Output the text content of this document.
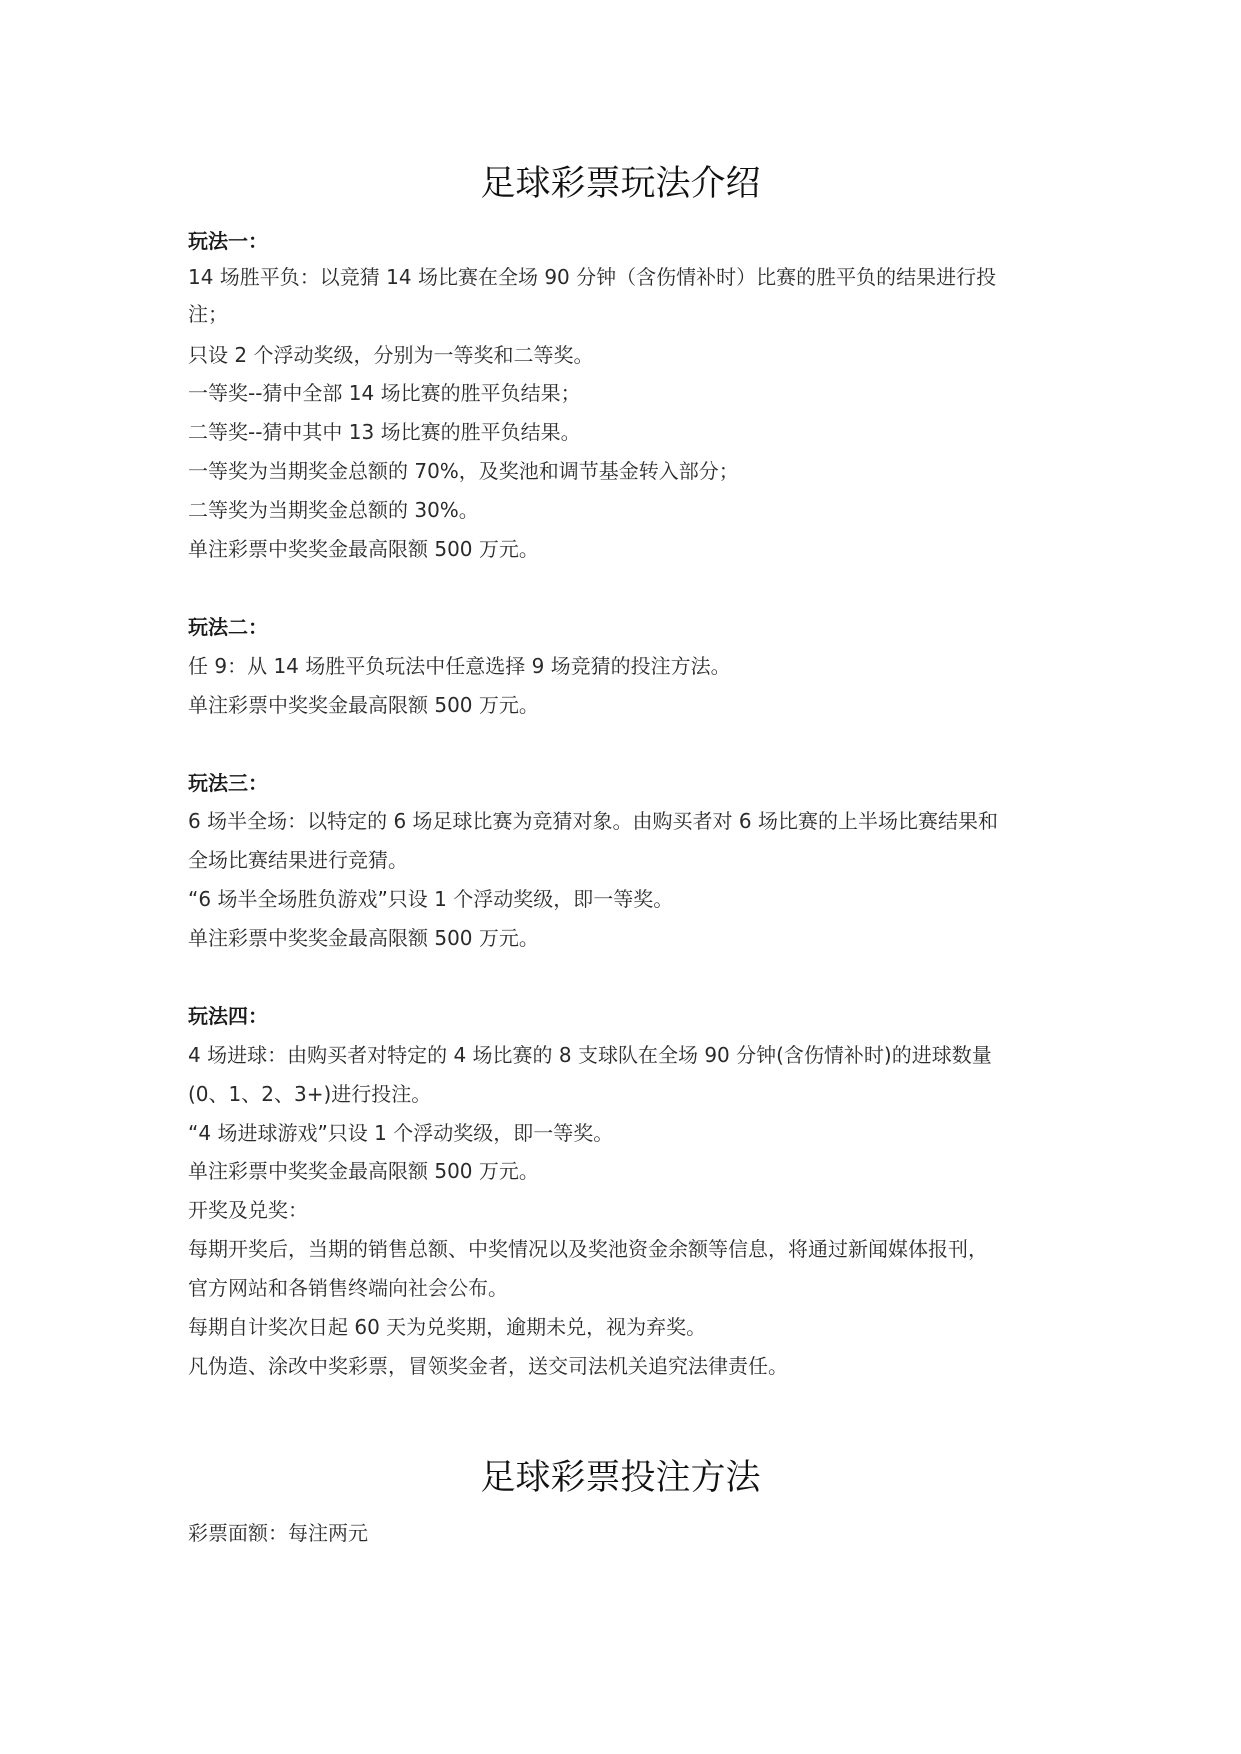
足球彩票玩法介绍
玩法一：
14 场胜平负：以竞猜 14 场比赛在全场 90 分钟（含伤情补时）比赛的胜平负的结果进行投
注；
只设 2 个浮动奖级，分别为一等奖和二等奖。
一等奖--猜中全部 14 场比赛的胜平负结果；
二等奖--猜中其中 13 场比赛的胜平负结果。
一等奖为当期奖金总额的 70%，及奖池和调节基金转入部分；
二等奖为当期奖金总额的 30%。
单注彩票中奖奖金最高限额 500 万元。
玩法二：
任 9：从 14 场胜平负玩法中任意选择 9 场竞猜的投注方法。
单注彩票中奖奖金最高限额 500 万元。
玩法三：
6 场半全场：以特定的 6 场足球比赛为竞猜对象。由购买者对 6 场比赛的上半场比赛结果和
全场比赛结果进行竞猜。
“6 场半全场胜负游戏”只设 1 个浮动奖级，即一等奖。
单注彩票中奖奖金最高限额 500 万元。
玩法四：
4 场进球：由购买者对特定的 4 场比赛的 8 支球队在全场 90 分钟(含伤情补时)的进球数量
(0、1、2、3+)进行投注。
“4 场进球游戏”只设 1 个浮动奖级，即一等奖。
单注彩票中奖奖金最高限额 500 万元。
开奖及兑奖：
每期开奖后，当期的销售总额、中奖情况以及奖池资金余额等信息，将通过新闻媒体报刊，
官方网站和各销售终端向社会公布。
每期自计奖次日起 60 天为兑奖期，逾期未兑，视为弃奖。
凡伪造、涂改中奖彩票，冒领奖金者，送交司法机关追究法律责任。
足球彩票投注方法
彩票面额：每注两元
